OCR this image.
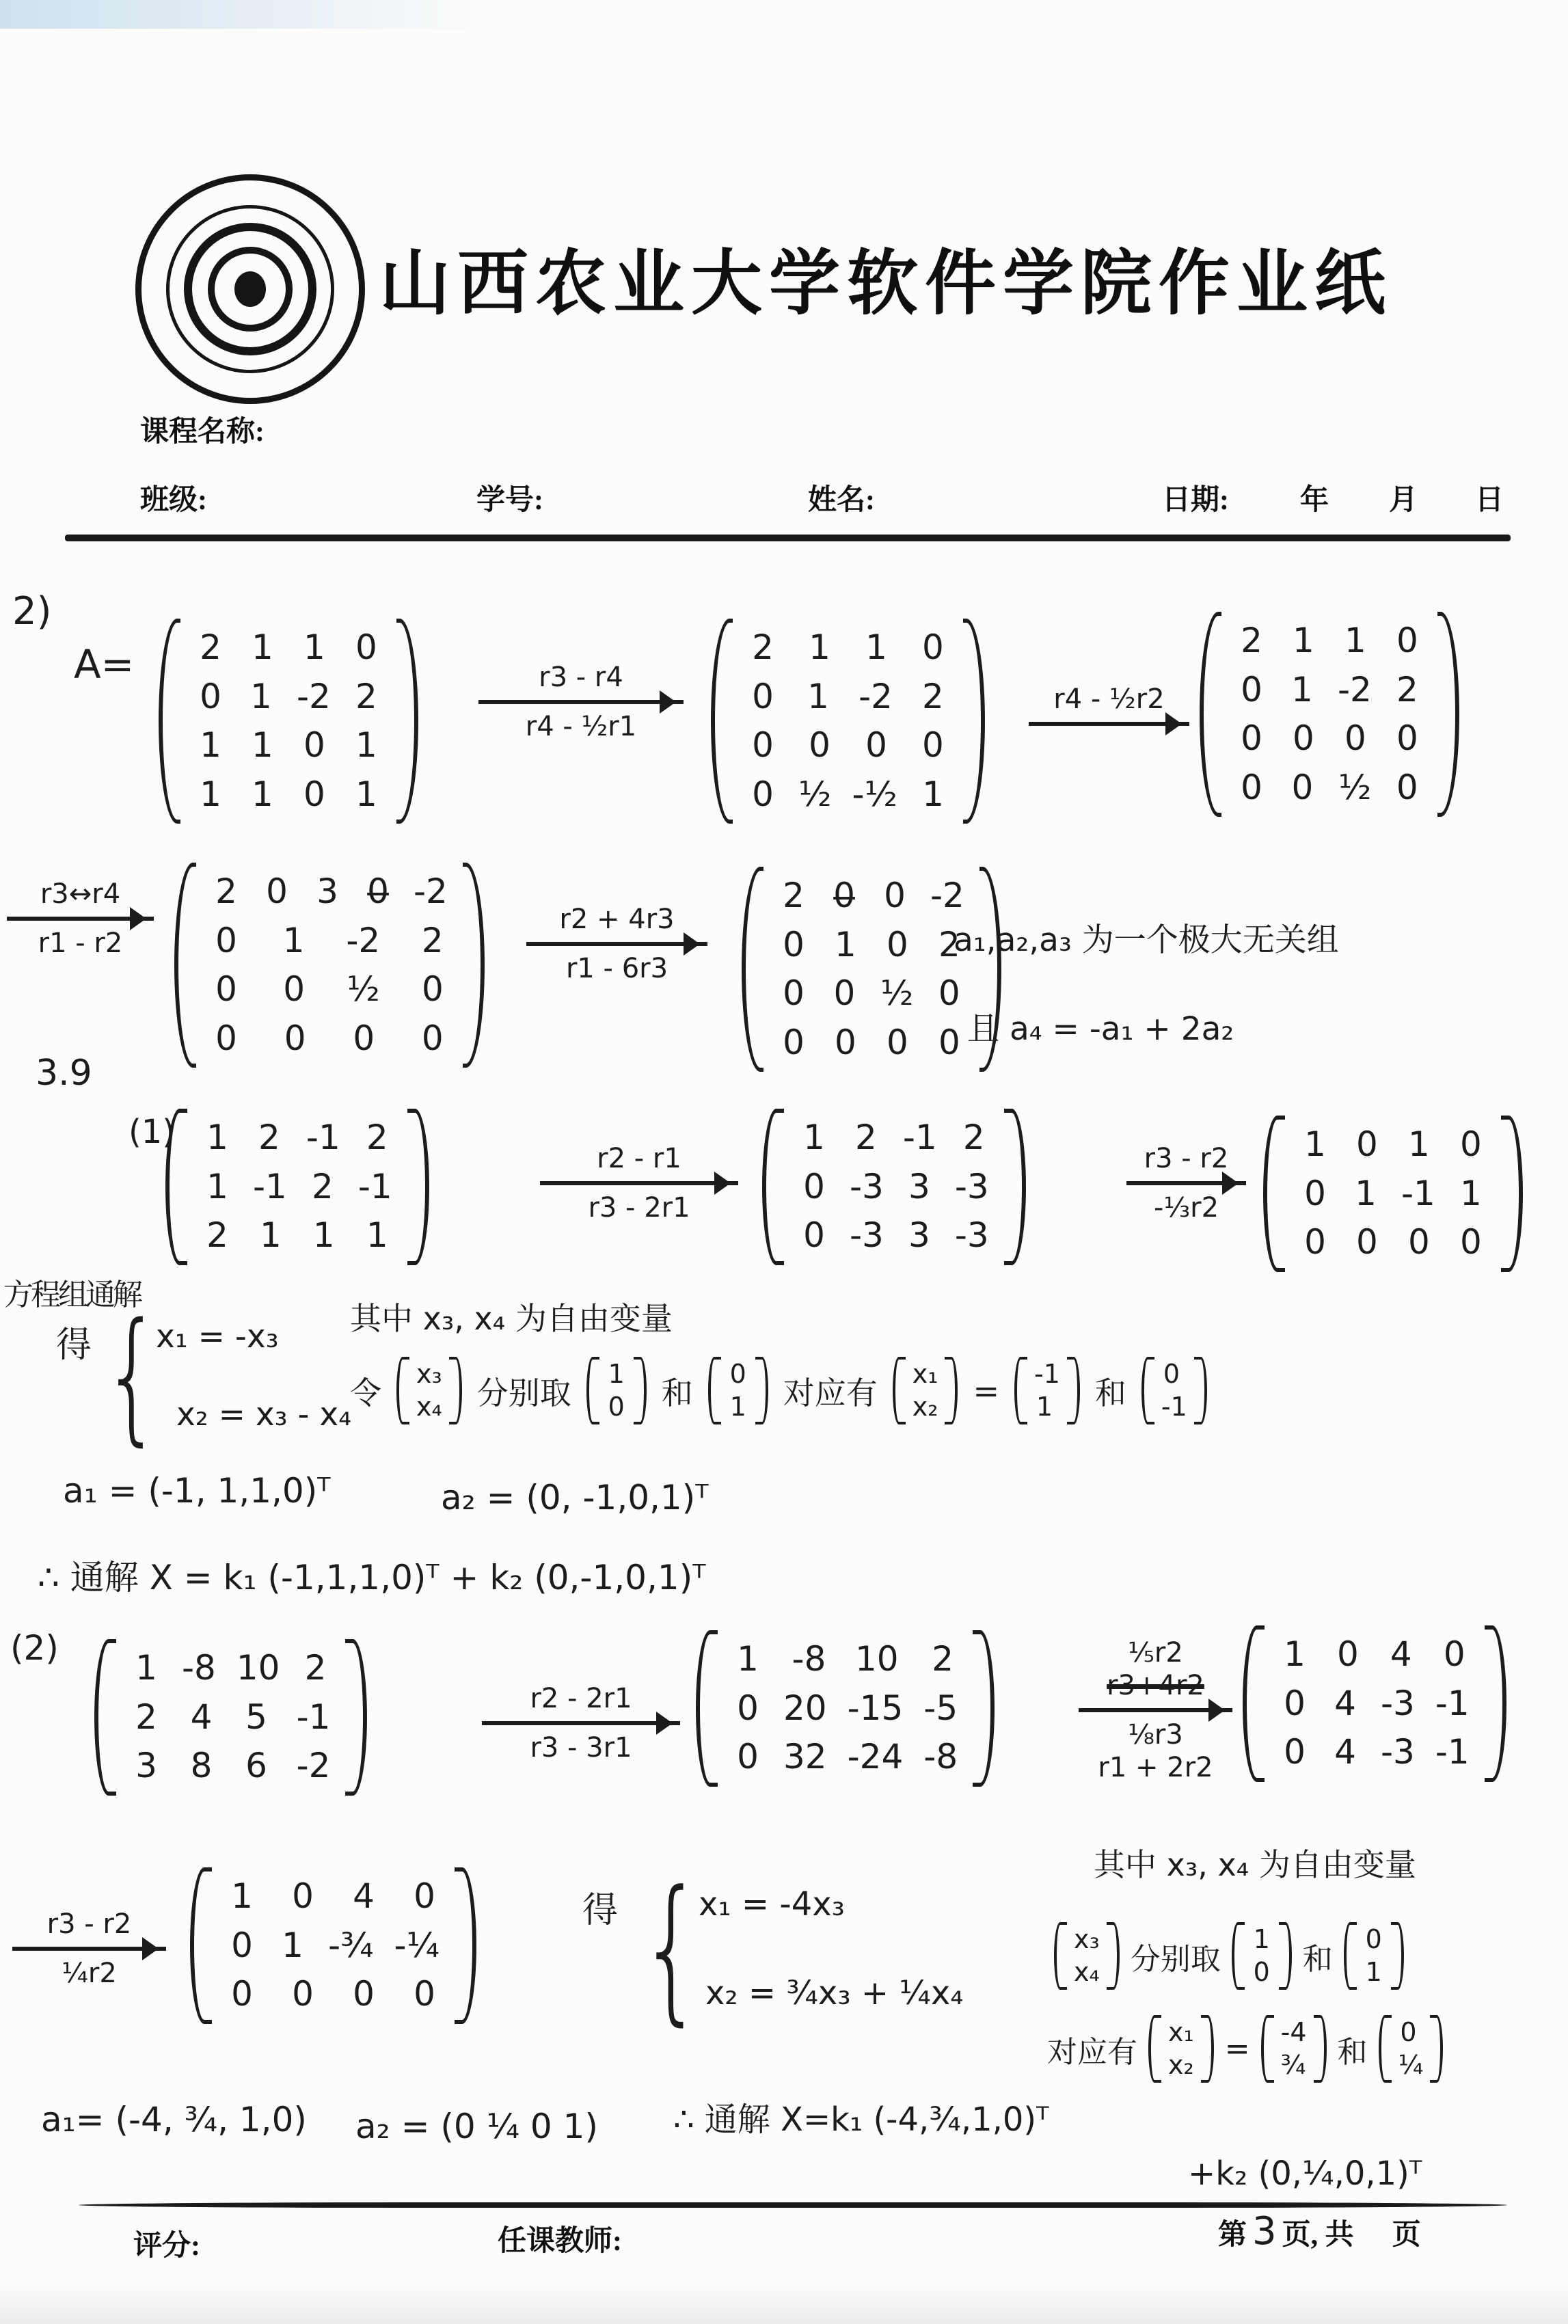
山西农业大学软件学院作业纸
课程名称:
班级:	学号:	姓名:	日期: 年 月 日
2)
A= 2 1 1 0
0 1 -2 2
1 1 0 1
1 1 0 1
r3 - r4
r4 - ½r1
2 1 1 0
0 1 -2 2
0 0 0 0
0 ½ -½ 1
r4 - ½r2
2 1 1 0
0 1 -2 2
0 0 0 0
0 0 ½ 0
r3↔r4
r1 - r2
2 0 3 0̶ -2
0 1 -2 2
0 0 ½ 0
0 0 0 0
r2 + 4r3
r1 - 6r3
2 0̶ 0 -2
0 1 0 2
0 0 ½ 0
0 0 0 0
a₁,a₂,a₃ 为一个极大无关组
且 a₄ = -a₁ + 2a₂
3.9
(1) 1 2 -1 2
1 -1 2 -1
2 1 1 1
r2 - r1
r3 - 2r1
1 2 -1 2
0 -3 3 -3
0 -3 3 -3
r3 - r2
-⅓r2
1 0 1 0
0 1 -1 1
0 0 0 0
方程组通解
得 {
x₁ = -x₃
x₂ = x₃ - x₄
其中 x₃, x₄ 为自由变量
令
x₃
x₄ 分别取
1
0 和
0
1 对应有
x₁
x₂ = -1
1 和
0
-1
a₁ = (-1, 1,1,0)ᵀ	a₂ = (0, -1,0,1)ᵀ
∴ 通解 X = k₁ (-1,1,1,0)ᵀ + k₂ (0,-1,0,1)ᵀ
(2) 1 -8 10 2
2 4 5 -1
3 8 6 -2
r2 - 2r1
r3 - 3r1
1 -8 10 2
0 20 -15 -5
0 32 -24 -8
⅕r2
r3+4r2
⅛r3
r1 + 2r2
1 0 4 0
0 4 -3 -1
0 4 -3 -1
r3 - r2
¼r2
1 0 4 0
0 1 -¾ -¼
0 0 0 0
得 {
x₁ = -4x₃
x₂ = ¾x₃ + ¼x₄
其中 x₃, x₄ 为自由变量
x₃
x₄ 分别取
1
0 和
0
1
对应有
x₁
x₂ = -4
¾ 和
0
¼
a₁= (-4, ¾, 1,0) a₂ = (0 ¼ 0 1) ∴ 通解 X=k₁ (-4,¾,1,0)ᵀ
+k₂ (0,¼,0,1)ᵀ
评分:	任课教师:	第 3 页, 共 页
